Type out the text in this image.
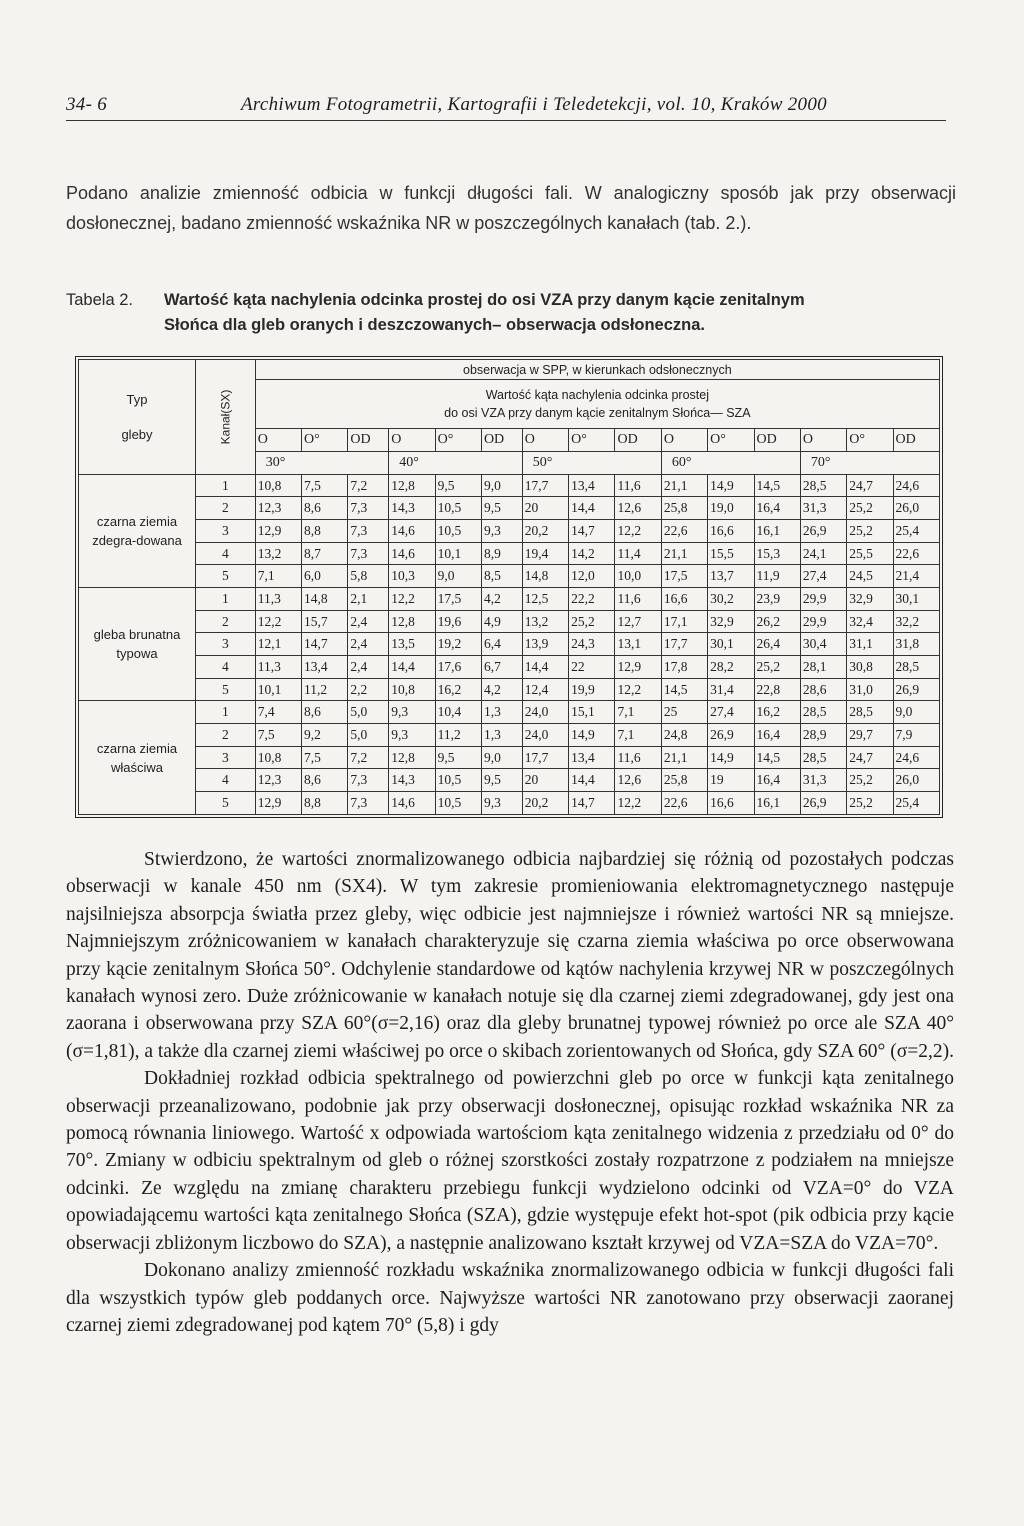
34- 6	Archiwum Fotogrametrii, Kartografii i Teledetekcji, vol. 10, Kraków 2000
Podano analizie zmienność odbicia w funkcji długości fali. W analogiczny sposób jak przy obserwacji dosłonecznej, badano zmienność wskaźnika NR w poszczególnych kanałach (tab. 2.).
Tabela 2. Wartość kąta nachylenia odcinka prostej do osi VZA przy danym kącie zenitalnym
Słońca dla gleb oranych i deszczowanych– obserwacja odsłoneczna.
Typ
gleby	Kanał(SX)	obserwacja w SPP, w kierunkach odsłonecznych														

		Wartość kąta nachylenia odcinka prostej
do osi VZA przy danym kącie zenitalnym Słońca— SZA														

		O	O°	OD	O	O°	OD	O	O°	OD	O	O°	OD	O	O°	OD
		30°			40°			50°			60°			70°		
czarna ziemia zdegra-dowana	1	10,8	7,5	7,2	12,8	9,5	9,0	17,7	13,4	11,6	21,1	14,9	14,5	28,5	24,7	24,6
	2	12,3	8,6	7,3	14,3	10,5	9,5	20	14,4	12,6	25,8	19,0	16,4	31,3	25,2	26,0
	3	12,9	8,8	7,3	14,6	10,5	9,3	20,2	14,7	12,2	22,6	16,6	16,1	26,9	25,2	25,4
	4	13,2	8,7	7,3	14,6	10,1	8,9	19,4	14,2	11,4	21,1	15,5	15,3	24,1	25,5	22,6
	5	7,1	6,0	5,8	10,3	9,0	8,5	14,8	12,0	10,0	17,5	13,7	11,9	27,4	24,5	21,4
gleba brunatna typowa	1	11,3	14,8	2,1	12,2	17,5	4,2	12,5	22,2	11,6	16,6	30,2	23,9	29,9	32,9	30,1
	2	12,2	15,7	2,4	12,8	19,6	4,9	13,2	25,2	12,7	17,1	32,9	26,2	29,9	32,4	32,2
	3	12,1	14,7	2,4	13,5	19,2	6,4	13,9	24,3	13,1	17,7	30,1	26,4	30,4	31,1	31,8
	4	11,3	13,4	2,4	14,4	17,6	6,7	14,4	22	12,9	17,8	28,2	25,2	28,1	30,8	28,5
	5	10,1	11,2	2,2	10,8	16,2	4,2	12,4	19,9	12,2	14,5	31,4	22,8	28,6	31,0	26,9
czarna ziemia właściwa	1	7,4	8,6	5,0	9,3	10,4	1,3	24,0	15,1	7,1	25	27,4	16,2	28,5	28,5	9,0
	2	7,5	9,2	5,0	9,3	11,2	1,3	24,0	14,9	7,1	24,8	26,9	16,4	28,9	29,7	7,9
	3	10,8	7,5	7,2	12,8	9,5	9,0	17,7	13,4	11,6	21,1	14,9	14,5	28,5	24,7	24,6
	4	12,3	8,6	7,3	14,3	10,5	9,5	20	14,4	12,6	25,8	19	16,4	31,3	25,2	26,0
	5	12,9	8,8	7,3	14,6	10,5	9,3	20,2	14,7	12,2	22,6	16,6	16,1	26,9	25,2	25,4

Stwierdzono, że wartości znormalizowanego odbicia najbardziej się różnią od pozostałych podczas obserwacji w kanale 450 nm (SX4). W tym zakresie promieniowania elektromagnetycznego następuje najsilniejsza absorpcja światła przez gleby, więc odbicie jest najmniejsze i również wartości NR są mniejsze. Najmniejszym zróżnicowaniem w kanałach charakteryzuje się czarna ziemia właściwa po orce obserwowana przy kącie zenitalnym Słońca 50°. Odchylenie standardowe od kątów nachylenia krzywej NR w poszczególnych kanałach wynosi zero. Duże zróżnicowanie w kanałach notuje się dla czarnej ziemi zdegradowanej, gdy jest ona zaorana i obserwowana przy SZA 60°(σ=2,16) oraz dla gleby brunatnej typowej również po orce ale SZA 40°(σ=1,81), a także dla czarnej ziemi właściwej po orce o skibach zorientowanych od Słońca, gdy SZA 60° (σ=2,2).

Dokładniej rozkład odbicia spektralnego od powierzchni gleb po orce w funkcji kąta zenitalnego obserwacji przeanalizowano, podobnie jak przy obserwacji dosłonecznej, opisując rozkład wskaźnika NR za pomocą równania liniowego. Wartość x odpowiada wartościom kąta zenitalnego widzenia z przedziału od 0° do 70°. Zmiany w odbiciu spektralnym od gleb o różnej szorstkości zostały rozpatrzone z podziałem na mniejsze odcinki. Ze względu na zmianę charakteru przebiegu funkcji wydzielono odcinki od VZA=0° do VZA opowiadającemu wartości kąta zenitalnego Słońca (SZA), gdzie występuje efekt hot-spot (pik odbicia przy kącie obserwacji zbliżonym liczbowo do SZA), a następnie analizowano kształt krzywej od VZA=SZA do VZA=70°.

Dokonano analizy zmienność rozkładu wskaźnika znormalizowanego odbicia w funkcji długości fali dla wszystkich typów gleb poddanych orce. Najwyższe wartości NR zanotowano przy obserwacji zaoranej czarnej ziemi zdegradowanej pod kątem 70° (5,8) i gdy
